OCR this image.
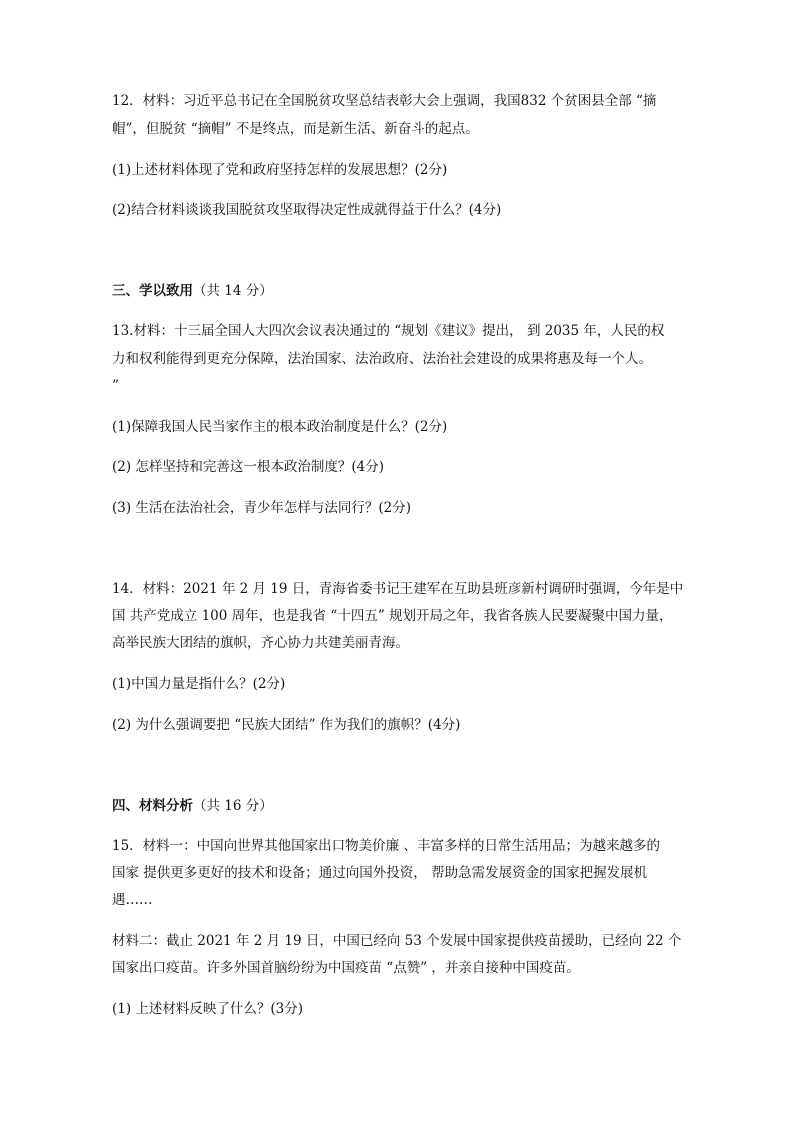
12．材料：习近平总书记在全国脱贫攻坚总结表彰大会上强调，我国832 个贫困县全部 “摘
帽”，但脱贫 “摘帽” 不是终点，而是新生活、新奋斗的起点。
(1)上述材料体现了党和政府坚持怎样的发展思想？(2分)
(2)结合材料谈谈我国脱贫攻坚取得决定性成就得益于什么？(4分)
三、学以致用（共 14 分）
13.材料：十三届全国人大四次会议表决通过的 “规划《建议》提出， 到 2035 年，人民的权
力和权利能得到更充分保障，法治国家、法治政府、法治社会建设的成果将惠及每一个人。
”
(1)保障我国人民当家作主的根本政治制度是什么？(2分)
(2) 怎样坚持和完善这一根本政治制度？(4分)
(3) 生活在法治社会，青少年怎样与法同行？(2分)
14．材料：2021 年 2 月 19 日，青海省委书记王建军在互助县班彦新村调研时强调，今年是中
国 共产党成立 100 周年，也是我省 “十四五” 规划开局之年，我省各族人民要凝聚中国力量，
高举民族大团结的旗帜，齐心协力共建美丽青海。
(1)中国力量是指什么？(2分)
(2) 为什么强调要把 “民族大团结” 作为我们的旗帜？(4分)
四、材料分析（共 16 分）
15．材料一：中国向世界其他国家出口物美价廉 、丰富多样的日常生活用品；为越来越多的
国家 提供更多更好的技术和设备；通过向国外投资， 帮助急需发展资金的国家把握发展机
遇……
材料二：截止 2021 年 2 月 19 日，中国已经向 53 个发展中国家提供疫苗援助，已经向 22 个
国家出口疫苗。许多外国首脑纷纷为中国疫苗 “点赞” ，并亲自接种中国疫苗。
(1) 上述材料反映了什么？(3分)
